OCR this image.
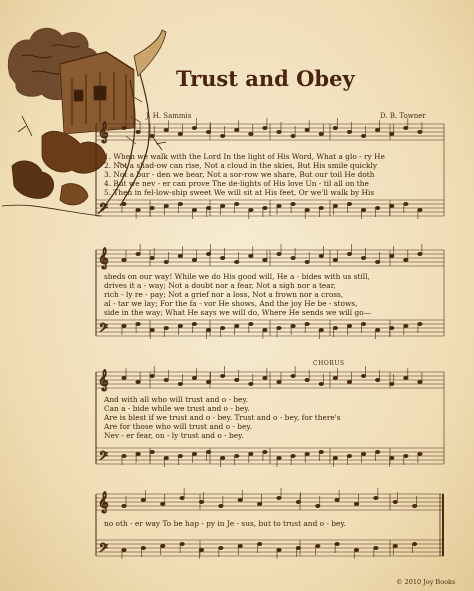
Trust and Obey
J. H. Sammis	D. B. Towner
𝄞
𝄢
𝄞
𝄢
𝄞
𝄢
𝄞
𝄢
1. When we walk with the Lord In the light of His Word, What a glo - ry He
2. Not a shad-ow can rise, Not a cloud in the skies, But His smile quickly
3. Not a bur - den we bear, Not a sor-row we share, But our toil He doth
4. But we nev - er can prove The de-lights of His love Un - til all on the
5. Then in fel-low-ship sweet We will sit at His feet, Or we'll walk by His
sheds on our way! While we do His good will, He a - bides with us still,
drives it a - way; Not a doubt nor a fear, Not a sigh nor a tear,
rich - ly re - pay; Not a grief nor a loss, Not a frown nor a cross,
al - tar we lay; For the fa - vor He shows, And the joy He be - stows,
side in the way; What He says we will do, Where He sends we will go—
CHORUS
And with all who will trust and o - bey.
Can a - bide while we trust and o - bey.
Are is blest if we trust and o - bey. Trust and o - bey, for there's
Are for those who will trust and o - bey.
Nev - er fear, on - ly trust and o - bey.
no oth - er way To be hap - py in Je - sus, but to trust and o - bey.
© 2010 Joy Books
